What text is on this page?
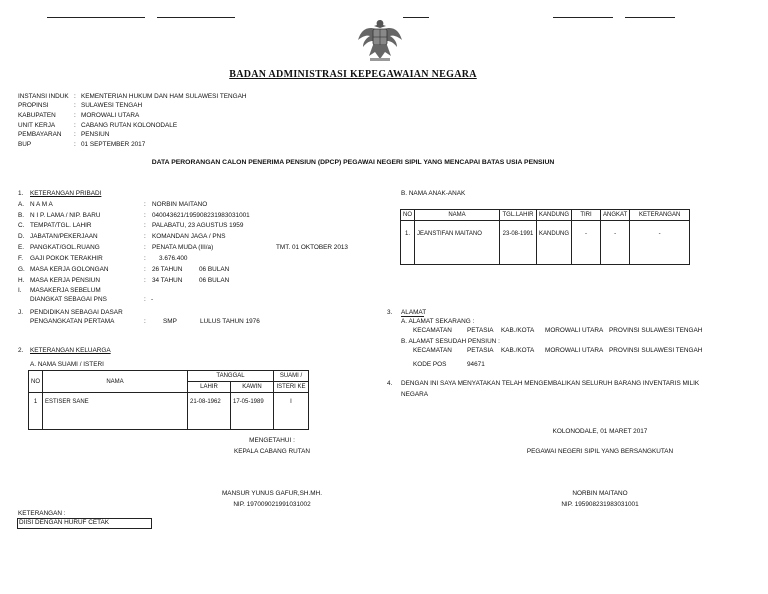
BADAN ADMINISTRASI KEPEGAWAIAN NEGARA
INSTANSI INDUK : KEMENTERIAN HUKUM DAN HAM SULAWESI TENGAH
PROPINSI	: SULAWESI TENGAH
KABUPATEN	: MOROWALI UTARA
UNIT KERJA	: CABANG RUTAN KOLONODALE
PEMBAYARAN : PENSIUN
BUP	: 01 SEPTEMBER 2017
DATA PERORANGAN CALON PENERIMA PENSIUN (DPCP) PEGAWAI NEGERI SIPIL YANG MENCAPAI BATAS USIA PENSIUN
1. KETERANGAN PRIBADI
A. N A M A	: NORBIN MAITANO
B. N I P. LAMA / NIP. BARU	: 040043621/195908231983031001
C. TEMPAT/TGL. LAHIR	: PALABATU, 23 AGUSTUS 1959
D. JABATAN/PEKERJAAN	: KOMANDAN JAGA / PNS
E. PANGKAT/GOL.RUANG	: PENATA MUDA (III/a)	TMT. 01 OKTOBER 2013
F. GAJI POKOK TERAKHIR	: 3.676.400
G. MASA KERJA GOLONGAN	: 26 TAHUN	06 BULAN
H. MASA KERJA PENSIUN	: 34 TAHUN	06 BULAN
I. MASAKERJA SEBELUM
DIANGKAT SEBAGAI PNS	: -
J. PENDIDIKAN SEBAGAI DASAR
PENGANGKATAN PERTAMA	:	SMP	LULUS TAHUN 1976
2. KETERANGAN KELUARGA
A. NAMA SUAMI / ISTERI
NO	NAMA	TANGGAL		SUAMI /
		LAHIR	KAWIN	ISTERI KE
1	ESTISER SANE	21-08-1962	17-05-1989	I
B. NAMA ANAK-ANAK
NO	NAMA	TGL.LAHIR	KANDUNG	TIRI	ANGKAT	KETERANGAN
1.	JEANSTIFAN MAITANO	23-08-1991	KANDUNG	-	-	-
3. ALAMAT
A. ALAMAT SEKARANG :
KECAMATAN PETASIA KAB./KOTA MOROWALI UTARA PROVINSI SULAWESI TENGAH
B. ALAMAT SESUDAH PENSIUN :
KECAMATAN PETASIA KAB./KOTA MOROWALI UTARA PROVINSI SULAWESI TENGAH
KODE POS	94671
4. DENGAN INI SAYA MENYATAKAN TELAH MENGEMBALIKAN SELURUH BARANG INVENTARIS MILIK
NEGARA
MENGETAHUI :
KEPALA CABANG RUTAN
MANSUR YUNUS GAFUR,SH.MH.
NIP. 197009021991031002
KOLONODALE, 01 MARET 2017
PEGAWAI NEGERI SIPIL YANG BERSANGKUTAN
NORBIN MAITANO
NIP. 195908231983031001
KETERANGAN :
DIISI DENGAN HURUF CETAK
